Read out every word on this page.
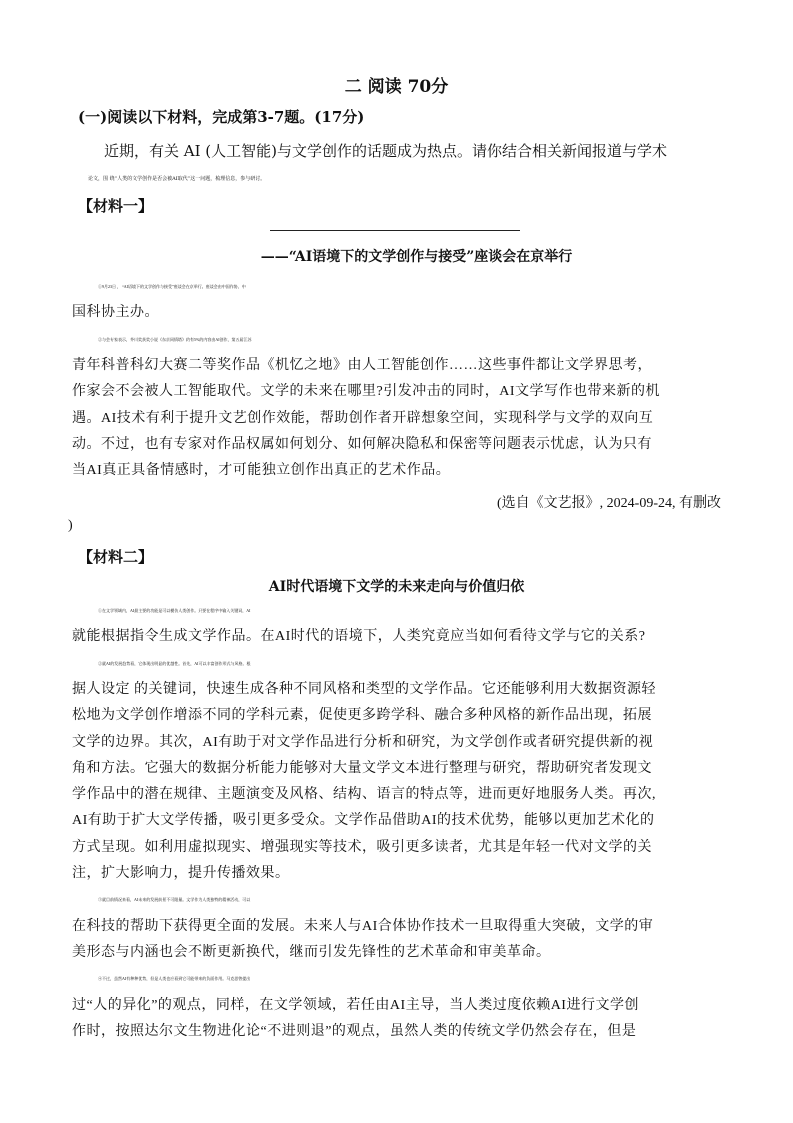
二 阅读 70分
(一)阅读以下材料，完成第3-7题。(17分)
近期，有关 AI (人工智能)与文学创作的话题成为热点。请你结合相关新闻报道与学术
论文，围 绕“人类的文学创作是否会被AI取代”这一问题，梳理信息，参与研讨。
【材料一】
——“AI语境下的文学创作与接受”座谈会在京举行
①9月23日 ， “AI语境下的文学创作与接受”座谈会在京举行。座谈会由中国作协、中
国科协主办。
②与会专家表示，芥川奖获奖小说《东京同情塔》约有5%的内容由AI创作，第五届江苏
青年科普科幻大赛二等奖作品《机忆之地》由人工智能创作……这些事件都让文学界思考，
作家会不会被人工智能取代。文学的未来在哪里?引发冲击的同时，AI文学写作也带来新的机
遇。AI技术有利于提升文艺创作效能，帮助创作者开辟想象空间，实现科学与文学的双向互
动。不过，也有专家对作品权属如何划分、如何解决隐私和保密等问题表示忧虑，认为只有
当AI真正具备情感时，才可能独立创作出真正的艺术作品。
(选自《文艺报》, 2024-09-24, 有删改
)
【材料二】
AI时代语境下文学的未来走向与价值归依
①在文学领域内，AI最主要的功能是可以模仿人类创作。只要在程序中输入关键词，AI
就能根据指令生成文学作品。在AI时代的语境下，人类究竟应当如何看待文学与它的关系?
②就AI的发展趋势看，它体现出明显的优越性。首先，AI可以丰富创作形式与风格。根
据人设定 的关键词，快速生成各种不同风格和类型的文学作品。它还能够利用大数据资源轻
松地为文学创作增添不同的学科元素，促使更多跨学科、融合多种风格的新作品出现，拓展
文学的边界。其次，AI有助于对文学作品进行分析和研究，为文学创作或者研究提供新的视
角和方法。它强大的数据分析能力能够对大量文学文本进行整理与研究，帮助研究者发现文
学作品中的潜在规律、主题演变及风格、结构、语言的特点等，进而更好地服务人类。再次,
AI有助于扩大文学传播，吸引更多受众。文学作品借助AI的技术优势，能够以更加艺术化的
方式呈现。如利用虚拟现实、增强现实等技术，吸引更多读者，尤其是年轻一代对文学的关
注，扩大影响力，提升传播效果。
③就目前情况来看，AI未来的发展前景不可限量。文学作为人类独特的精神活动，可以
在科技的帮助下获得更全面的发展。未来人与AI合体协作技术一旦取得重大突破，文学的审
美形态与内涵也会不断更新换代，继而引发先锋性的艺术革命和审美革命。
④不过，虽然AI有种种优势，但是人类也应看到它可能带来的负面作用。马克思曾提出
过“人的异化”的观点，同样，在文学领域，若任由AI主导，当人类过度依赖AI进行文学创
作时，按照达尔文生物进化论“不进则退”的观点，虽然人类的传统文学仍然会存在，但是
